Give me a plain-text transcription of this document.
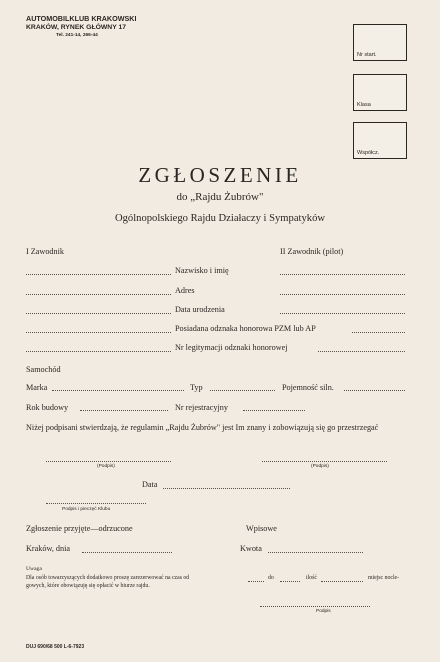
AUTOMOBILKLUB KRAKOWSKI
KRAKÓW, RYNEK GŁÓWNY 17
Tel. 241-14, 266-44
Nr start.
Klasa
Współcz.
ZGŁOSZENIE
do „Rajdu Żubrów"
Ogólnopolskiego Rajdu Działaczy i Sympatyków
I Zawodnik	II Zawodnik (pilot)
Nazwisko i imię
Adres
Data urodzenia
Posiadana odznaka honorowa PZM lub AP
Nr legitymacji odznaki honorowej
Samochód
Marka	Typ	Pojemność siln.
Rok budowy	Nr rejestracyjny
Niżej podpisani stwierdzają, że regulamin „Rajdu Żubrów" jest Im znany i zobowiązują się go przestrzegać
(Podpis)	(Podpis)
Data
Podpis i pieczęć Klubu
Zgłoszenie przyjęte—odrzucone	Wpisowe
Kraków, dnia	Kwota
Uwaga
Dla osób towarzyszących dodatkowo proszę zarezerwować na czas od	do	ilość	miejsc nocle-
gowych, które obowiązuję się opłacić w biurze rajdu.
Podpis
DUJ 690/68 500 L-6-7923
